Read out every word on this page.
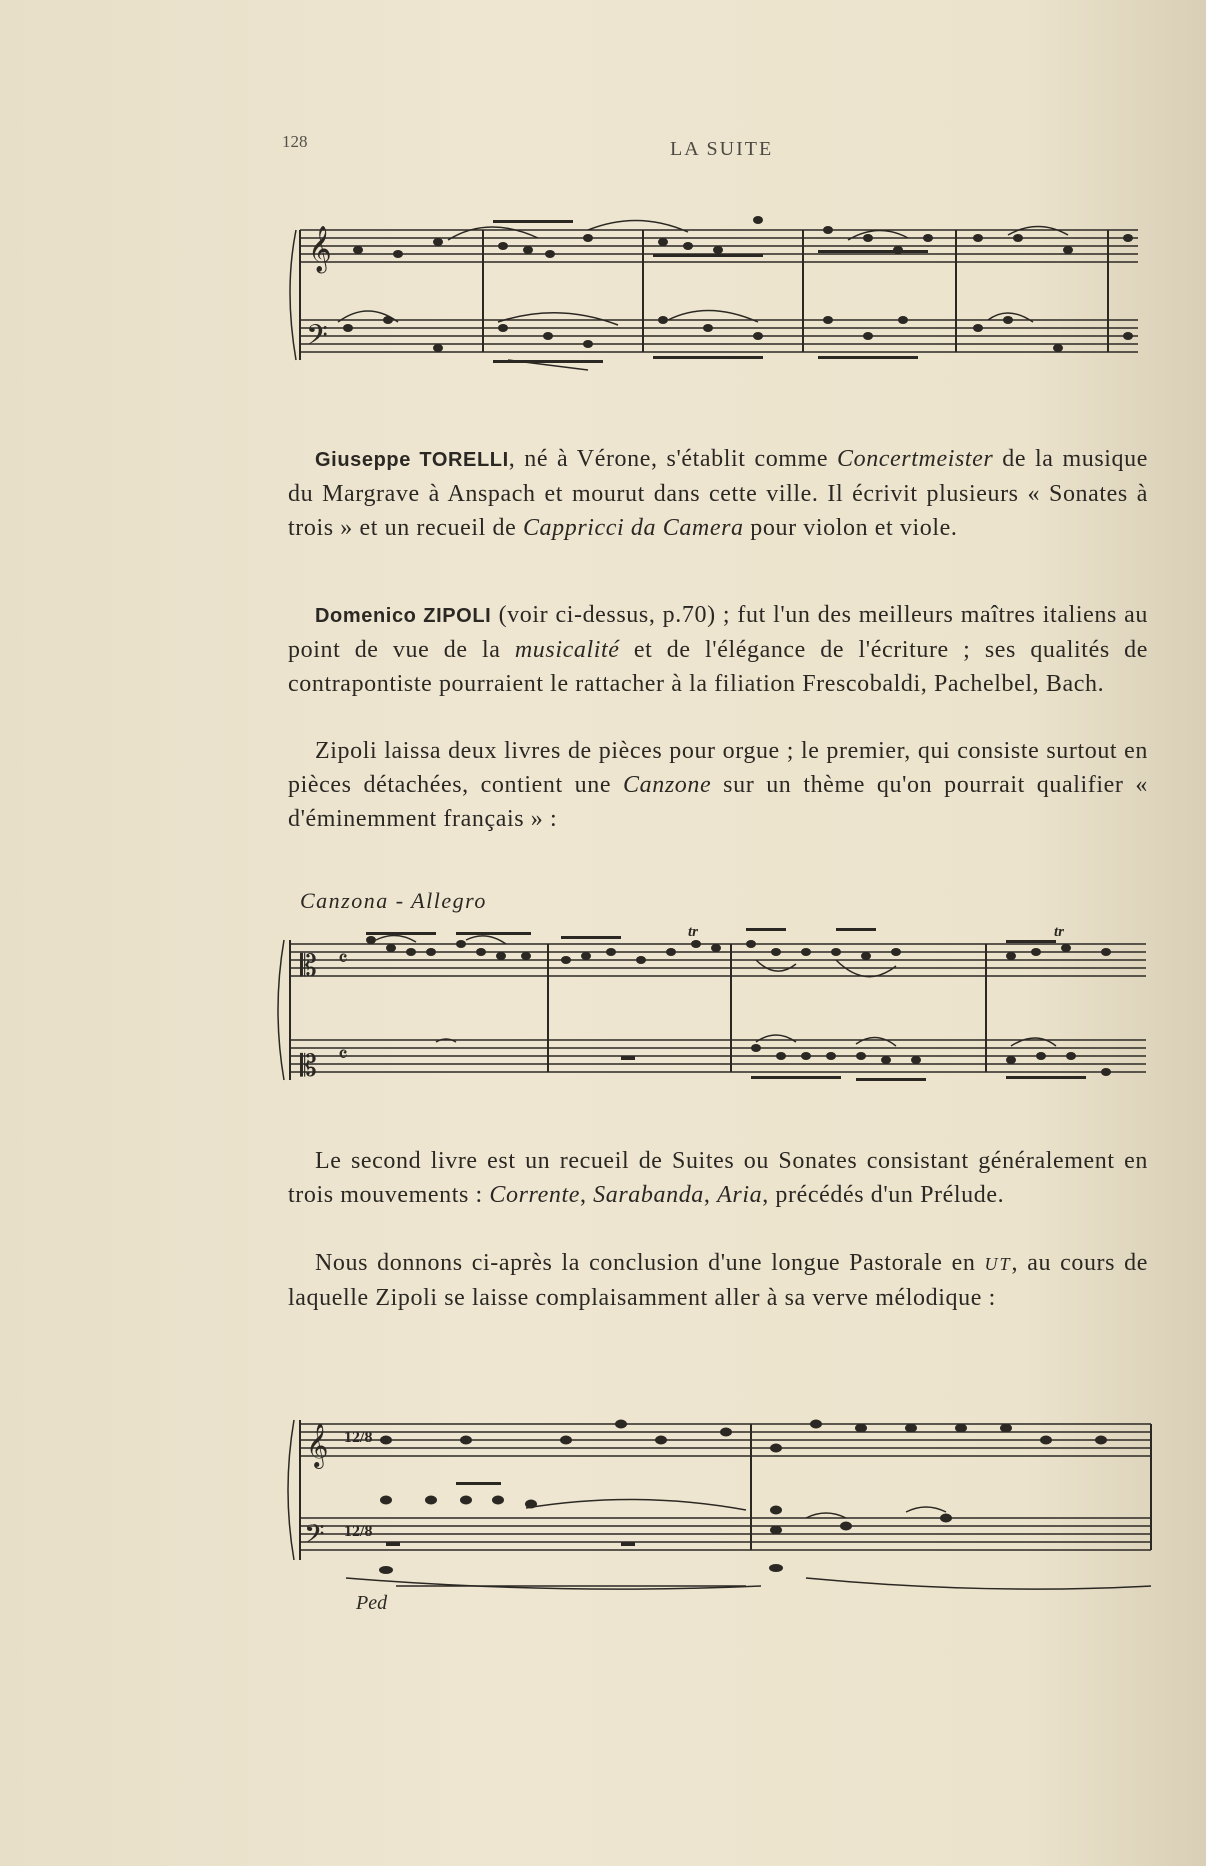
128	LA SUITE
𝄞
𝄢
Giuseppe TORELLI, né à Vérone, s'établit comme Concertmeister de la musique du Margrave à Anspach et mourut dans cette ville. Il écrivit plusieurs « Sonates à trois » et un recueil de Cappricci da Camera pour violon et viole.
Domenico ZIPOLI (voir ci-dessus, p.70) ; fut l'un des meilleurs maîtres italiens au point de vue de la musicalité et de l'élégance de l'écriture ; ses qualités de contrapontiste pourraient le rattacher à la filiation Frescobaldi, Pachelbel, Bach.
Zipoli laissa deux livres de pièces pour orgue ; le premier, qui consiste surtout en pièces détachées, contient une Canzone sur un thème qu'on pourrait qualifier « d'éminemment français » :
Canzona - Allegro
𝄡 𝄴
𝄡 𝄴
tr	tr
Le second livre est un recueil de Suites ou Sonates consistant généralement en trois mouvements : Corrente, Sarabanda, Aria, précédés d'un Prélude.
Nous donnons ci-après la conclusion d'une longue Pastorale en UT, au cours de laquelle Zipoli se laisse complaisamment aller à sa verve mélodique :
𝄞
𝄢
12/8
12/8
Ped
